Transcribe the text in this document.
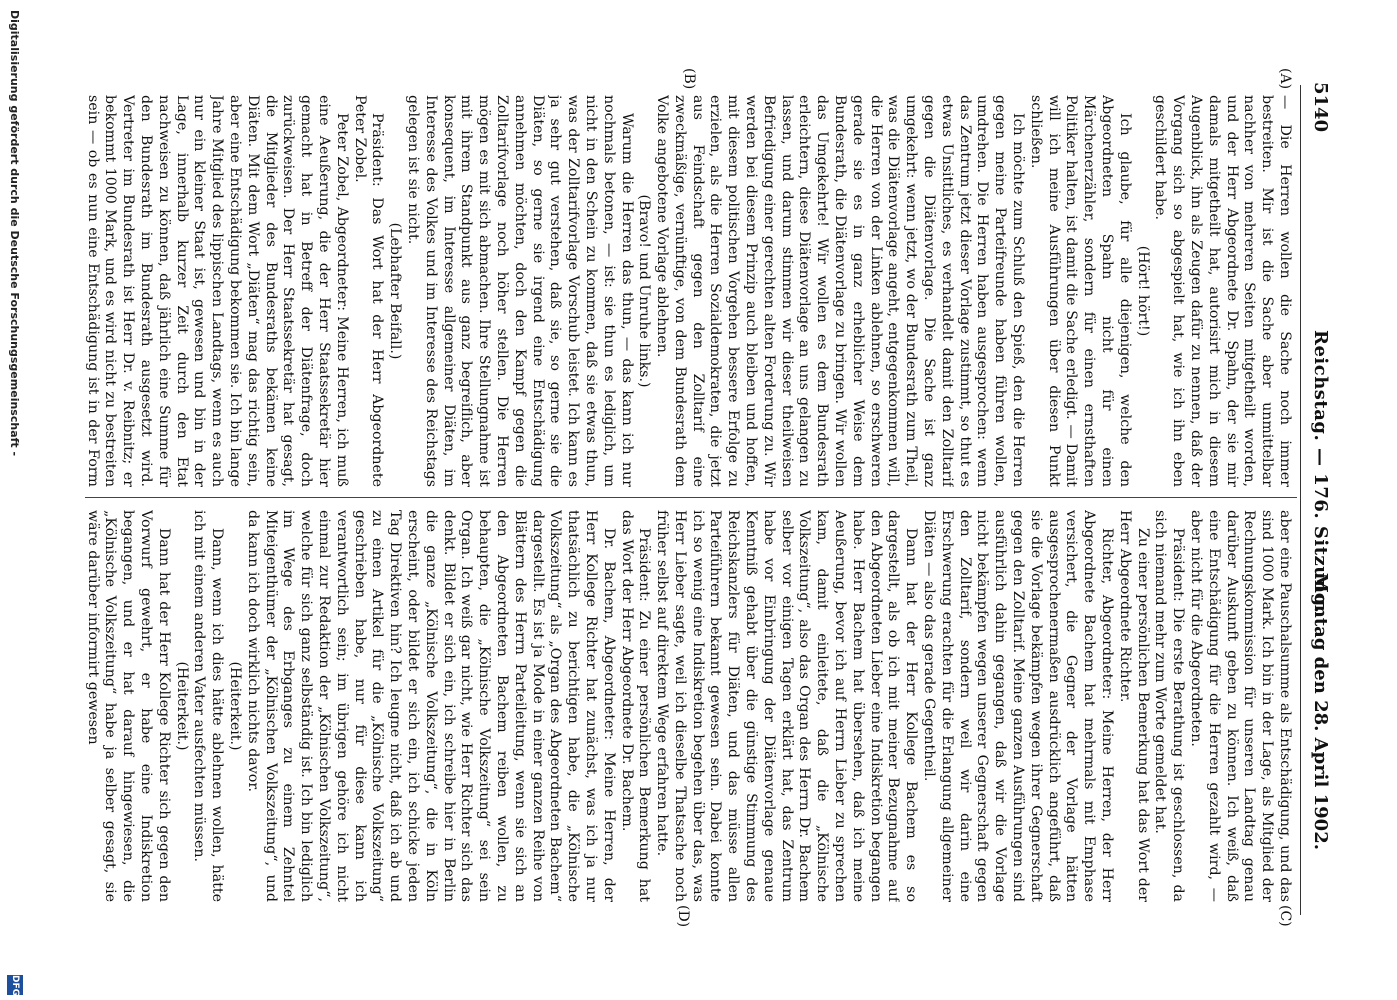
5140
Reichstag. — 176. Sitzung.
Montag den 28. April 1902.
(A)
(B)
(C)
(D)

— Die Herren wollen die Sache noch immer bestreiten. Mir ist die Sache aber unmittelbar nachher von mehreren Seiten mitgetheilt worden, und der Herr Abgeordnete Dr. Spahn, der sie mir damals mitgetheilt hat, autorisirt mich in diesem Augenblick, ihn als Zeugen dafür zu nennen, daß der Vorgang sich so abgespielt hat, wie ich ihn eben geschildert habe.

(Hört! hört!)

Ich glaube, für alle diejenigen, welche den Abgeordneten Spahn nicht für einen Märchenerzähler, sondern für einen ernsthaften Politiker halten, ist damit die Sache erledigt. — Damit will ich meine Ausführungen über diesen Punkt schließen.

Ich möchte zum Schluß den Spieß, den die Herren gegen meine Parteifreunde haben führen wollen, umdrehen. Die Herren haben ausgesprochen: wenn das Zentrum jetzt dieser Vorlage zustimmt, so thut es etwas Unsittliches, es verhandelt damit den Zolltarif gegen die Diätenvorlage. Die Sache ist ganz umgekehrt: wenn jetzt, wo der Bundesrath zum Theil, was die Diätenvorlage angeht, entgegenkommen will, die Herren von der Linken ablehnen, so erschweren gerade sie es in ganz erheblicher Weise dem Bundesrath, die Diätenvorlage zu bringen. Wir wollen das Umgekehrte! Wir wollen es dem Bundesrath erleichtern, diese Diätenvorlage an uns gelangen zu lassen, und darum stimmen wir dieser theilweisen Befriedigung einer gerechten alten Forderung zu. Wir werden bei diesem Prinzip auch bleiben und hoffen, mit diesem politischen Vorgehen bessere Erfolge zu erzielen, als die Herren Sozialdemokraten, die jetzt aus Feindschaft gegen den Zolltarif eine zweckmäßige, vernünftige, von dem Bundesrath dem Volke angebotene Vorlage ablehnen.

(Bravo! und Unruhe links.)

Warum die Herren das thun, — das kann ich nur nochmals betonen, — ist: sie thun es lediglich, um nicht in den Schein zu kommen, daß sie etwas thun, was der Zolltarifvorlage Vorschub leistet. Ich kann es ja sehr gut verstehen, daß sie, so gerne sie die Diäten, so gerne sie irgend eine Entschädigung annehmen möchten, doch den Kampf gegen die Zolltarifvorlage noch höher stellen. Die Herren mögen es mit sich abmachen. Ihre Stellungnahme ist mit ihrem Standpunkt aus ganz begreiflich, aber konsequent, im Interesse allgemeiner Diäten, im Interesse des Volkes und im Interesse des Reichstags gelegen ist sie nicht.

(Lebhafter Beifall.)

Präsident: Das Wort hat der Herr Abgeordnete Peter Zobel.

Peter Zobel, Abgeordneter: Meine Herren, ich muß eine Aeußerung, die der Herr Staatssekretär hier gemacht hat in Betreff der Diätenfrage, doch zurückweisen. Der Herr Staatssekretär hat gesagt, die Mitglieder des Bundesraths bekämen keine Diäten. Mit dem Wort „Diäten“ mag das richtig sein, aber eine Entschädigung bekommen sie. Ich bin lange Jahre Mitglied des lippischen Landtags, wenn es auch nur ein kleiner Staat ist, gewesen und bin in der Lage, innerhalb kurzer Zeit durch den Etat nachweisen zu können, daß jährlich eine Summe für den Bundesrath im Bundesrath ausgesetzt wird. Vertreter im Bundesrath ist Herr Dr. v. Reibnitz; er bekommt 1000 Mark, und es wird nicht zu bestreiten sein — ob es nun eine Entschädigung ist in der Form

aber eine Pauschalsumme als Entschädigung, und das sind 1000 Mark. Ich bin in der Lage, als Mitglied der Rechnungskommission für unseren Landtag genau darüber Auskunft geben zu können. Ich weiß, daß eine Entschädigung für die Herren gezahlt wird, — aber nicht für die Abgeordneten.

Präsident: Die erste Berathung ist geschlossen, da sich niemand mehr zum Worte gemeldet hat.

Zu einer persönlichen Bemerkung hat das Wort der Herr Abgeordnete Richter.

Richter, Abgeordneter: Meine Herren, der Herr Abgeordnete Bachem hat mehrmals mit Emphase versichert, die Gegner der Vorlage hätten ausgesprochenermaßen ausdrücklich angeführt, daß sie die Vorlage bekämpfen wegen ihrer Gegnerschaft gegen den Zolltarif. Meine ganzen Ausführungen sind ausführlich dahin gegangen, daß wir die Vorlage nicht bekämpfen wegen unserer Gegnerschaft gegen den Zolltarif, sondern weil wir darin eine Erschwerung erachten für die Erlangung allgemeiner Diäten — also das gerade Gegentheil.

Dann hat der Herr Kollege Bachem es so dargestellt, als ob ich mit meiner Bezugnahme auf den Abgeordneten Lieber eine Indiskretion begangen habe. Herr Bachem hat übersehen, daß ich meine Aeußerung, bevor ich auf Herrn Lieber zu sprechen kam, damit einleitete, daß die „Kölnische Volkszeitung“, also das Organ des Herrn Dr. Bachem selber vor einigen Tagen erklärt hat, das Zentrum habe vor Einbringung der Diätenvorlage genaue Kenntniß gehabt über die günstige Stimmung des Reichskanzlers für Diäten, und das müsse allen Parteiführern bekannt gewesen sein. Dabei konnte ich so wenig eine Indiskretion begehen über das, was Herr Lieber sagte, weil ich dieselbe Thatsache noch früher selbst auf direktem Wege erfahren hatte.

Präsident: Zu einer persönlichen Bemerkung hat das Wort der Herr Abgeordnete Dr. Bachem.

Dr. Bachem, Abgeordneter: Meine Herren, der Herr Kollege Richter hat zunächst, was ich ja nur thatsächlich zu berichtigen habe, die „Kölnische Volkszeitung“ als „Organ des Abgeordneten Bachem“ dargestellt. Es ist ja Mode in einer ganzen Reihe von Blättern des Herrn Parteileitung, wenn sie sich an den Abgeordneten Bachem reiben wollen, zu behaupten, die „Kölnische Volkszeitung“ sei sein Organ. Ich weiß gar nicht, wie Herr Richter sich das denkt. Bildet er sich ein, ich schreibe hier in Berlin die ganze „Kölnische Volkszeitung“, die in Köln erscheint, oder bildet er sich ein, ich schicke jeden Tag Direktiven hin? Ich leugne nicht, daß ich ab und zu einen Artikel für die „Kölnische Volkszeitung“ geschrieben habe, nur für diese kann ich verantwortlich sein; im übrigen gehöre ich nicht einmal zur Redaktion der „Kölnischen Volkszeitung“, welche für sich ganz selbständig ist. Ich bin lediglich im Wege des Erbganges zu einem Zehntel Miteigenthümer der „Kölnischen Volkszeitung“, und da kann ich doch wirklich nichts davor.

(Heiterkeit.)

Dann, wenn ich dies hätte ablehnen wollen, hätte ich mit einem anderen Vater ausfechten müssen.

(Heiterkeit.)

Dann hat der Herr Kollege Richter sich gegen den Vorwurf gewehrt, er habe eine Indiskretion begangen, und er hat darauf hingewiesen, die „Kölnische Volkszeitung“ habe ja selber gesagt, sie wäre darüber informirt gewesen

Digitalisierung gefördert durch die Deutsche Forschungsgemeinschaft -
DFG
